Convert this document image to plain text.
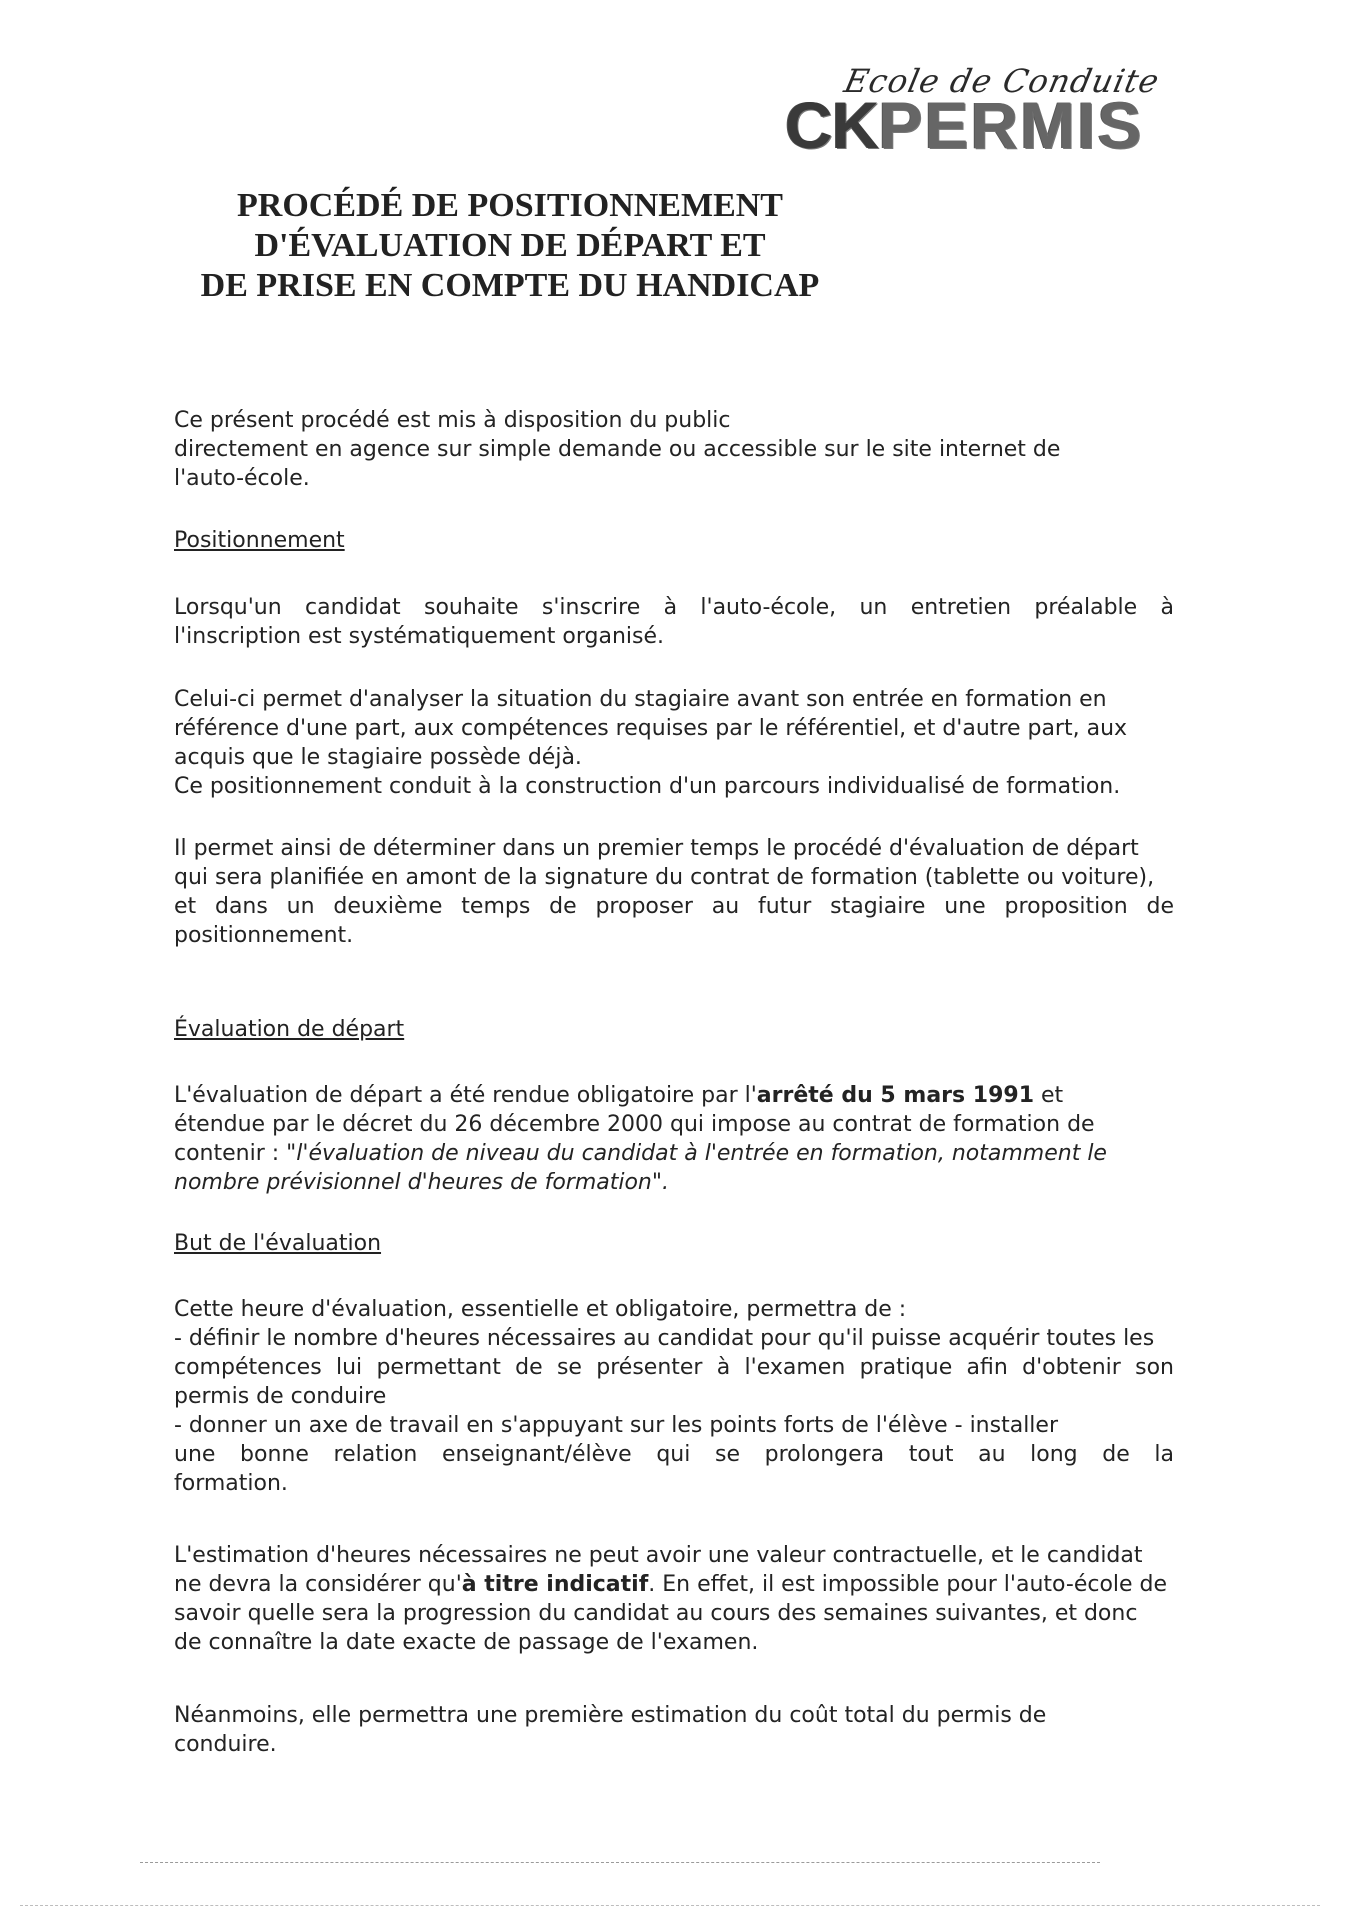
Ecole de Conduite
CKPERMIS
PROCÉDÉ DE POSITIONNEMENT
D'ÉVALUATION DE DÉPART ET
DE PRISE EN COMPTE DU HANDICAP
Ce présent procédé est mis à disposition du public
directement en agence sur simple demande ou accessible sur le site internet de
l'auto-école.
Positionnement
Lorsqu'un candidat souhaite s'inscrire à l'auto-école, un entretien préalable à
l'inscription est systématiquement organisé.
Celui-ci permet d'analyser la situation du stagiaire avant son entrée en formation en
référence d'une part, aux compétences requises par le référentiel, et d'autre part, aux
acquis que le stagiaire possède déjà.
Ce positionnement conduit à la construction d'un parcours individualisé de formation.
Il permet ainsi de déterminer dans un premier temps le procédé d'évaluation de départ
qui sera planifiée en amont de la signature du contrat de formation (tablette ou voiture),
et dans un deuxième temps de proposer au futur stagiaire une proposition de
positionnement.
Évaluation de départ
L'évaluation de départ a été rendue obligatoire par l'arrêté du 5 mars 1991 et
étendue par le décret du 26 décembre 2000 qui impose au contrat de formation de
contenir : "l'évaluation de niveau du candidat à l'entrée en formation, notamment le
nombre prévisionnel d'heures de formation".
But de l'évaluation
Cette heure d'évaluation, essentielle et obligatoire, permettra de :
- définir le nombre d'heures nécessaires au candidat pour qu'il puisse acquérir toutes les
compétences lui permettant de se présenter à l'examen pratique afin d'obtenir son
permis de conduire
- donner un axe de travail en s'appuyant sur les points forts de l'élève - installer
une bonne relation enseignant/élève qui se prolongera tout au long de la
formation.
L'estimation d'heures nécessaires ne peut avoir une valeur contractuelle, et le candidat
ne devra la considérer qu'à titre indicatif. En effet, il est impossible pour l'auto-école de
savoir quelle sera la progression du candidat au cours des semaines suivantes, et donc
de connaître la date exacte de passage de l'examen.
Néanmoins, elle permettra une première estimation du coût total du permis de
conduire.
